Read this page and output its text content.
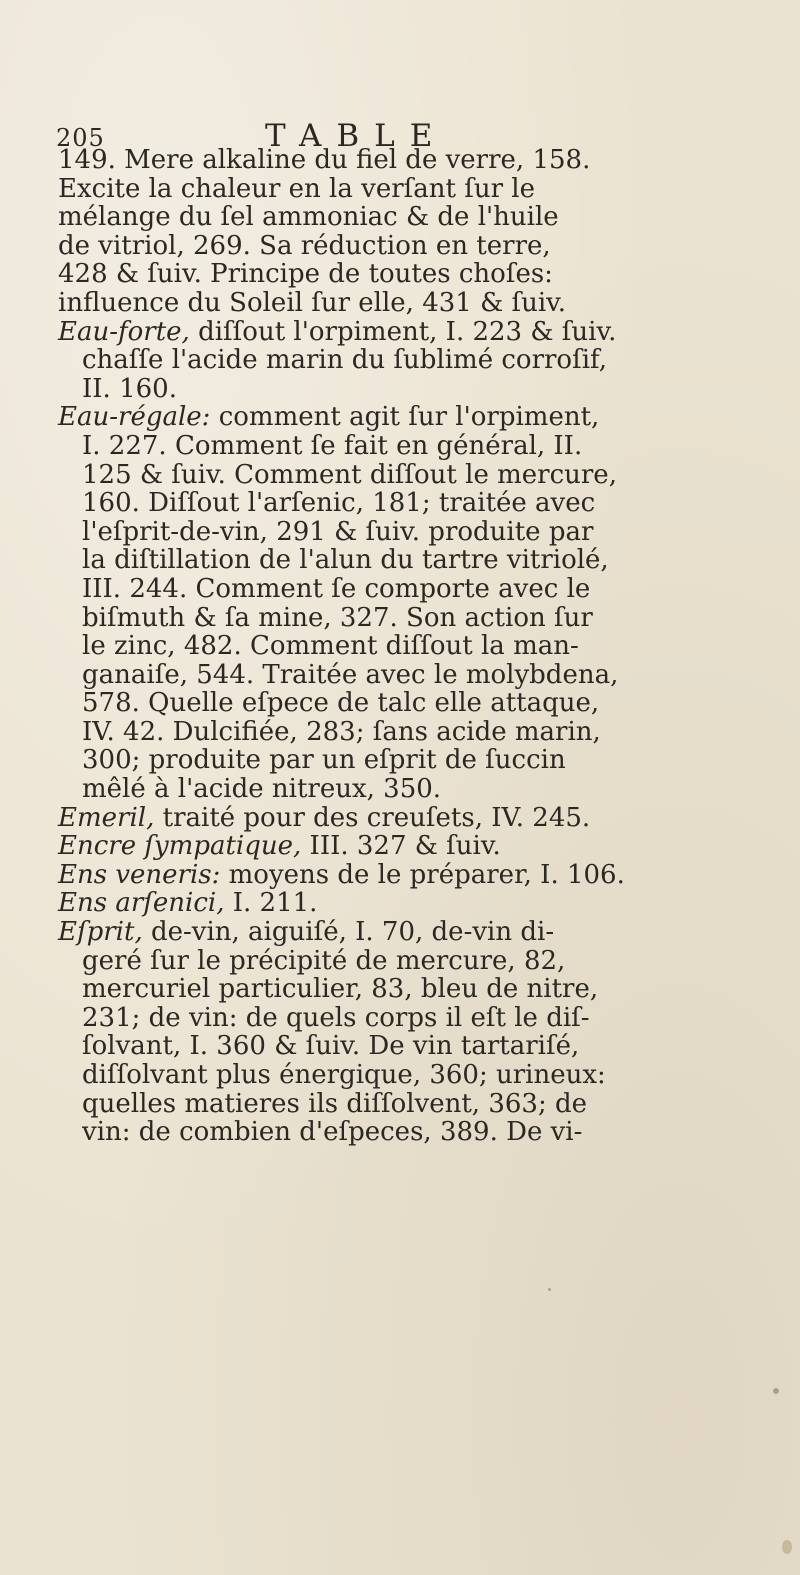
205	TABLE
149. Mere alkaline du fiel de verre, 158.
Excite la chaleur en la verſant ſur le
mélange du ſel ammoniac & de l'huile
de vitriol, 269. Sa réduction en terre,
428 & ſuiv. Principe de toutes choſes:
influence du Soleil ſur elle, 431 & ſuiv.
Eau-forte, diſſout l'orpiment, I. 223 & ſuiv.
chaſſe l'acide marin du ſublimé corroſif,
II. 160.
Eau-régale: comment agit ſur l'orpiment,
I. 227. Comment ſe fait en général, II.
125 & ſuiv. Comment diſſout le mercure,
160. Diſſout l'arſenic, 181; traitée avec
l'eſprit-de-vin, 291 & ſuiv. produite par
la diſtillation de l'alun du tartre vitriolé,
III. 244. Comment ſe comporte avec le
biſmuth & ſa mine, 327. Son action ſur
le zinc, 482. Comment diſſout la man-
ganaiſe, 544. Traitée avec le molybdena,
578. Quelle eſpece de talc elle attaque,
IV. 42. Dulcifiée, 283; ſans acide marin,
300; produite par un eſprit de ſuccin
mêlé à l'acide nitreux, 350.
Emeril, traité pour des creuſets, IV. 245.
Encre ſympatique, III. 327 & ſuiv.
Ens veneris: moyens de le préparer, I. 106.
Ens arſenici, I. 211.
Eſprit, de-vin, aiguiſé, I. 70, de-vin di-
geré ſur le précipité de mercure, 82,
mercuriel particulier, 83, bleu de nitre,
231; de vin: de quels corps il eſt le diſ-
ſolvant, I. 360 & ſuiv. De vin tartariſé,
diſſolvant plus énergique, 360; urineux:
quelles matieres ils diſſolvent, 363; de
vin: de combien d'eſpeces, 389. De vi-
